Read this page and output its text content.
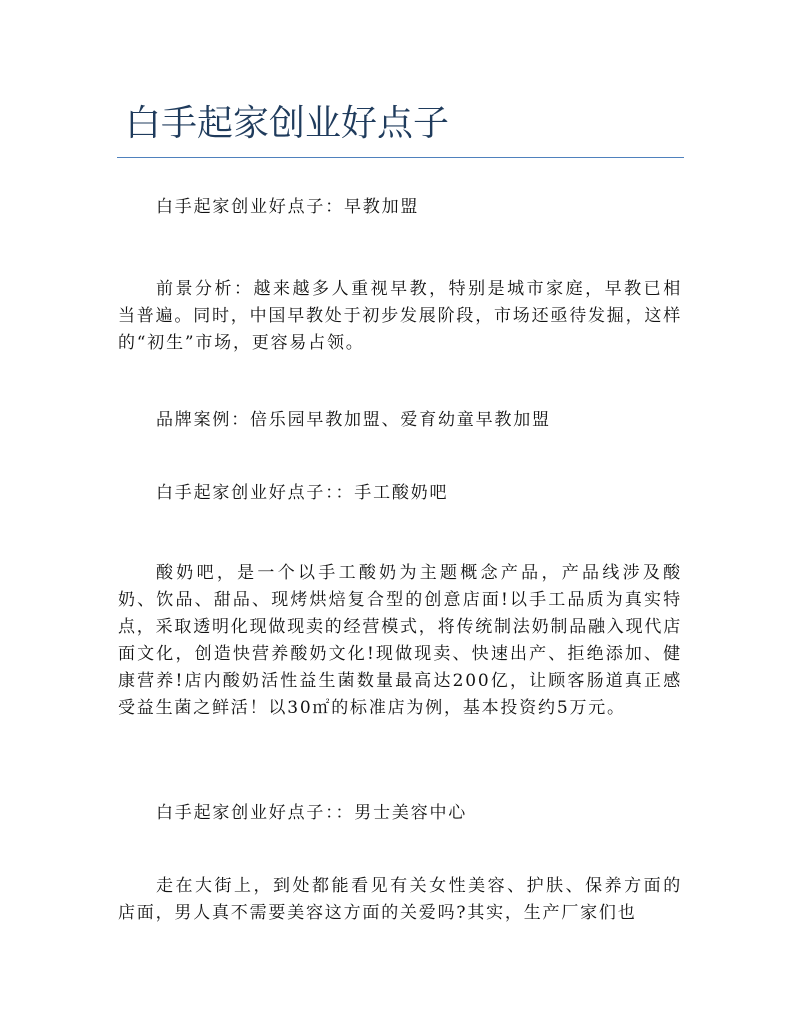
白手起家创业好点子

白手起家创业好点子：早教加盟

前景分析：越来越多人重视早教，特别是城市家庭，早教已相当普遍。同时，中国早教处于初步发展阶段，市场还亟待发掘，这样的“初生”市场，更容易占领。

品牌案例：倍乐园早教加盟、爱育幼童早教加盟

白手起家创业好点子：：手工酸奶吧

酸奶吧，是一个以手工酸奶为主题概念产品，产品线涉及酸奶、饮品、甜品、现烤烘焙复合型的创意店面!以手工品质为真实特点，采取透明化现做现卖的经营模式，将传统制法奶制品融入现代店面文化，创造快营养酸奶文化!现做现卖、快速出产、拒绝添加、健康营养!店内酸奶活性益生菌数量最高达200亿，让顾客肠道真正感受益生菌之鲜活！以30㎡的标准店为例，基本投资约5万元。

白手起家创业好点子：：男士美容中心

走在大街上，到处都能看见有关女性美容、护肤、保养方面的店面，男人真不需要美容这方面的关爱吗?其实，生产厂家们也
